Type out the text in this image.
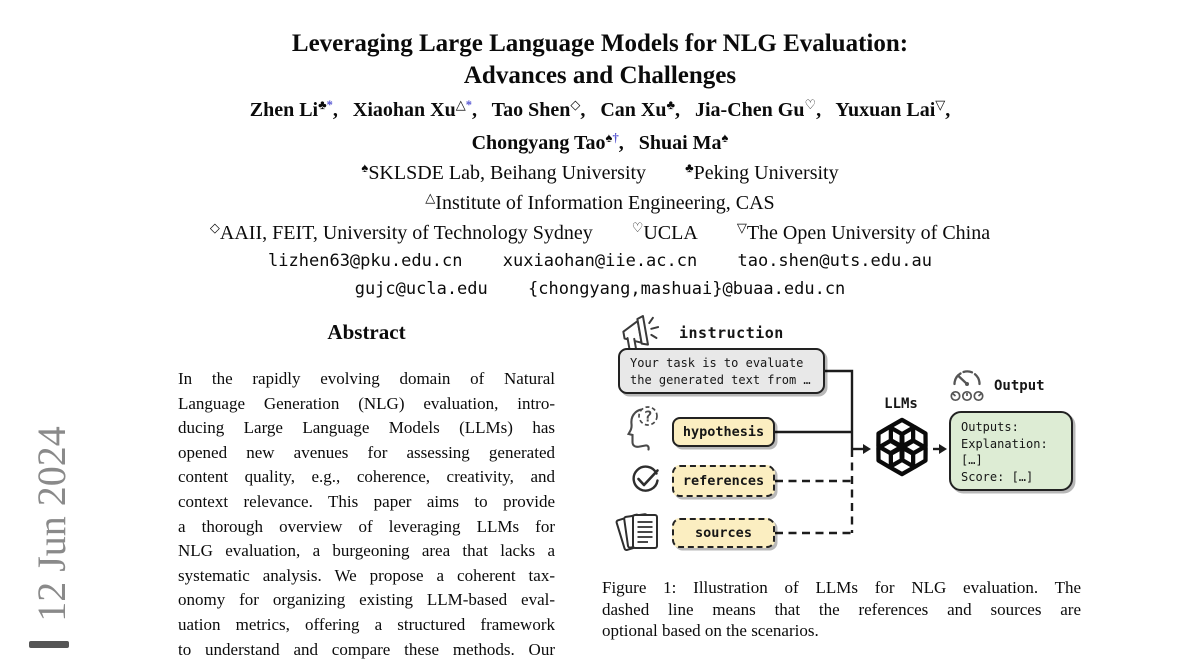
Leveraging Large Language Models for NLG Evaluation:
Advances and Challenges
Zhen Li♣*, Xiaohan Xu△*, Tao Shen◇, Can Xu♣, Jia-Chen Gu♡, Yuxuan Lai▽,
Chongyang Tao♠†, Shuai Ma♠
♠SKLSDE Lab, Beihang University	♣Peking University
△Institute of Information Engineering, CAS
◇AAII, FEIT, University of Technology Sydney	♡UCLA	▽The Open University of China
lizhen63@pku.edu.cn xuxiaohan@iie.ac.cn tao.shen@uts.edu.au
gujc@ucla.edu {chongyang,mashuai}@buaa.edu.cn
Abstract
In the rapidly evolving domain of Natural
Language Generation (NLG) evaluation, intro-
ducing Large Language Models (LLMs) has
opened new avenues for assessing generated
content quality, e.g., coherence, creativity, and
context relevance. This paper aims to provide
a thorough overview of leveraging LLMs for
NLG evaluation, a burgeoning area that lacks a
systematic analysis. We propose a coherent tax-
onomy for organizing existing LLM-based eval-
uation metrics, offering a structured framework
to understand and compare these methods. Our
12 Jun 2024
?
instruction
LLMs
Output
Your task is to evaluate
the generated text from …
hypothesis
references
sources
Outputs:
Explanation:
[…]
Score: […]
Figure 1: Illustration of LLMs for NLG evaluation. The
dashed line means that the references and sources are
optional based on the scenarios.
